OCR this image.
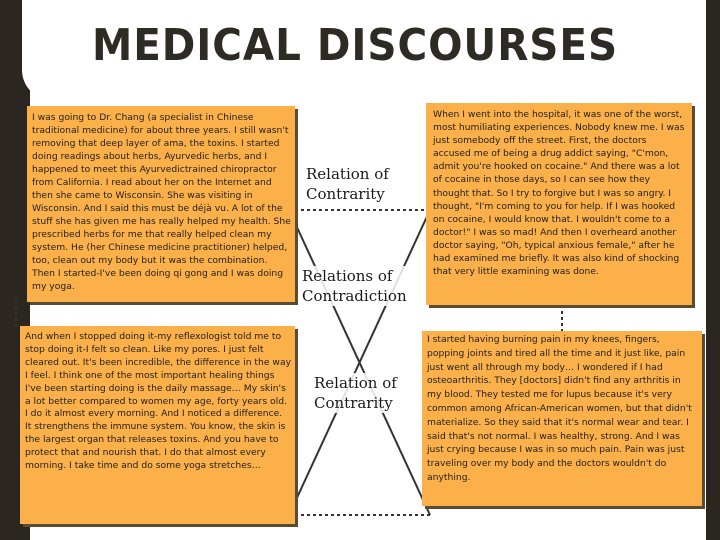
MEDICAL DISCOURSES
I was going to Dr. Chang (a specialist in Chinese traditional medicine) for about three years. I still wasn't removing that deep layer of ama, the toxins. I started doing readings about herbs, Ayurvedic herbs, and I happened to meet this Ayurvedictrained chiropractor from California. I read about her on the Internet and then she came to Wisconsin. She was visiting in Wisconsin. And I said this must be déjà vu. A lot of the stuff she has given me has really helped my health. She prescribed herbs for me that really helped clean my system. He (her Chinese medicine practitioner) helped, too, clean out my body but it was the combination. Then I started-I've been doing qi gong and I was doing my yoga.
And when I stopped doing it-my reflexologist told me to stop doing it-I felt so clean. Like my pores. I just felt cleared out. It's been incredible, the difference in the way I feel. I think one of the most important healing things I've been starting doing is the daily massage… My skin's a lot better compared to women my age, forty years old. I do it almost every morning. And I noticed a difference. It strengthens the immune system. You know, the skin is the largest organ that releases toxins. And you have to protect that and nourish that. I do that almost every morning. I take time and do some yoga stretches…
When I went into the hospital, it was one of the worst, most humiliating experiences. Nobody knew me. I was just somebody off the street. First, the doctors accused me of being a drug addict saying, "C'mon, admit you're hooked on cocaine." And there was a lot of cocaine in those days, so I can see how they thought that. So I try to forgive but I was so angry. I thought, "I'm coming to you for help. If I was hooked on cocaine, I would know that. I wouldn't come to a doctor!" I was so mad! And then I overheard another doctor saying, "Oh, typical anxious female," after he had examined me briefly. It was also kind of shocking that very little examining was done.
I started having burning pain in my knees, fingers, popping joints and tired all the time and it just like, pain just went all through my body… I wondered if I had osteoarthritis. They [doctors] didn't find any arthritis in my blood. They tested me for lupus because it's very common among African-American women, but that didn't materialize. So they said that it's normal wear and tear. I said that's not normal. I was healthy, strong. And I was just crying because I was in so much pain. Pain was just traveling over my body and the doctors wouldn't do anything.
Relation of Contrarity
Relations of Contradiction
Relation of Contrarity
